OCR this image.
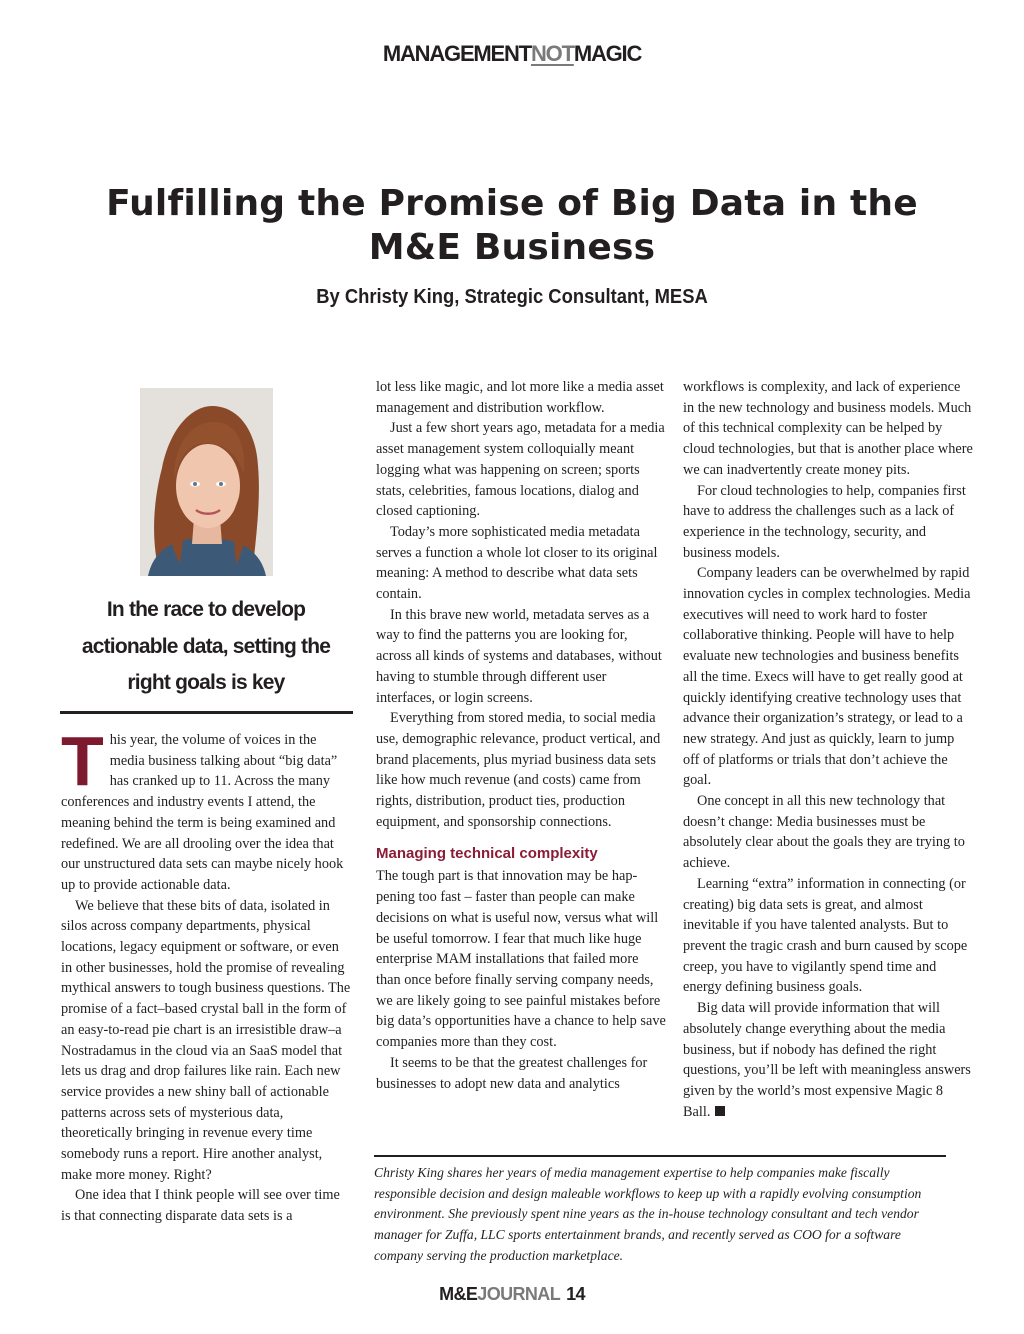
MANAGEMENTNOTMAGIC
Fulfilling the Promise of Big Data in the M&E Business
By Christy King, Strategic Consultant, MESA
In the race to develop actionable data, setting the right goals is key

This year, the volume of voices in the media business talking about “big data” has cranked up to 11. Across the many conferences and industry events I attend, the meaning behind the term is being examined and redefined. We are all drooling over the idea that our unstructured data sets can maybe nicely hook up to provide actionable data.

We believe that these bits of data, isolated in silos across company departments, physical locations, legacy equipment or software, or even in other businesses, hold the promise of revealing mythical answers to tough business questions. The promise of a fact–based crystal ball in the form of an easy-to-read pie chart is an irresistible draw–a Nostradamus in the cloud via an SaaS model that lets us drag and drop failures like rain. Each new service provides a new shiny ball of actionable patterns across sets of mysterious data, theoretically bringing in revenue every time somebody runs a report. Hire another analyst, make more money. Right?

One idea that I think people will see over time is that connecting disparate data sets is a

lot less like magic, and lot more like a media asset management and distribution workflow.

Just a few short years ago, metadata for a media asset management system colloquially meant logging what was happening on screen; sports stats, celebrities, famous locations, dialog and closed captioning.

Today’s more sophisticated media metadata serves a function a whole lot closer to its original meaning: A method to describe what data sets contain.

In this brave new world, metadata serves as a way to find the patterns you are looking for, across all kinds of systems and databases, without having to stumble through different user interfaces, or login screens.

Everything from stored media, to social media use, demographic relevance, product vertical, and brand placements, plus myriad business data sets like how much revenue (and costs) came from rights, distribution, product ties, production equipment, and sponsorship connections.

Managing technical complexity

The tough part is that innovation may be happening too fast – faster than people can make decisions on what is useful now, versus what will be useful tomorrow. I fear that much like huge enterprise MAM installations that failed more than once before finally serving company needs, we are likely going to see painful mistakes before big data’s opportunities have a chance to help save companies more than they cost.

It seems to be that the greatest challenges for businesses to adopt new data and analytics

workflows is complexity, and lack of experience in the new technology and business models. Much of this technical complexity can be helped by cloud technologies, but that is another place where we can inadvertently create money pits.

For cloud technologies to help, companies first have to address the challenges such as a lack of experience in the technology, security, and business models.

Company leaders can be overwhelmed by rapid innovation cycles in complex technologies. Media executives will need to work hard to foster collaborative thinking. People will have to help evaluate new technologies and business benefits all the time. Execs will have to get really good at quickly identifying creative technology uses that advance their organization’s strategy, or lead to a new strategy. And just as quickly, learn to jump off of platforms or trials that don’t achieve the goal.

One concept in all this new technology that doesn’t change: Media businesses must be absolutely clear about the goals they are trying to achieve.

Learning “extra” information in connecting (or creating) big data sets is great, and almost inevitable if you have talented analysts. But to prevent the tragic crash and burn caused by scope creep, you have to vigilantly spend time and energy defining business goals.

Big data will provide information that will absolutely change everything about the media business, but if nobody has defined the right questions, you’ll be left with meaningless answers given by the world’s most expensive Magic 8 Ball.

Christy King shares her years of media management expertise to help companies make fiscally responsible decision and design maleable workflows to keep up with a rapidly evolving consumption environment. She previously spent nine years as the in-house technology consultant and tech vendor manager for Zuffa, LLC sports entertainment brands, and recently served as COO for a software company serving the production marketplace.
M&EJOURNAL 14
